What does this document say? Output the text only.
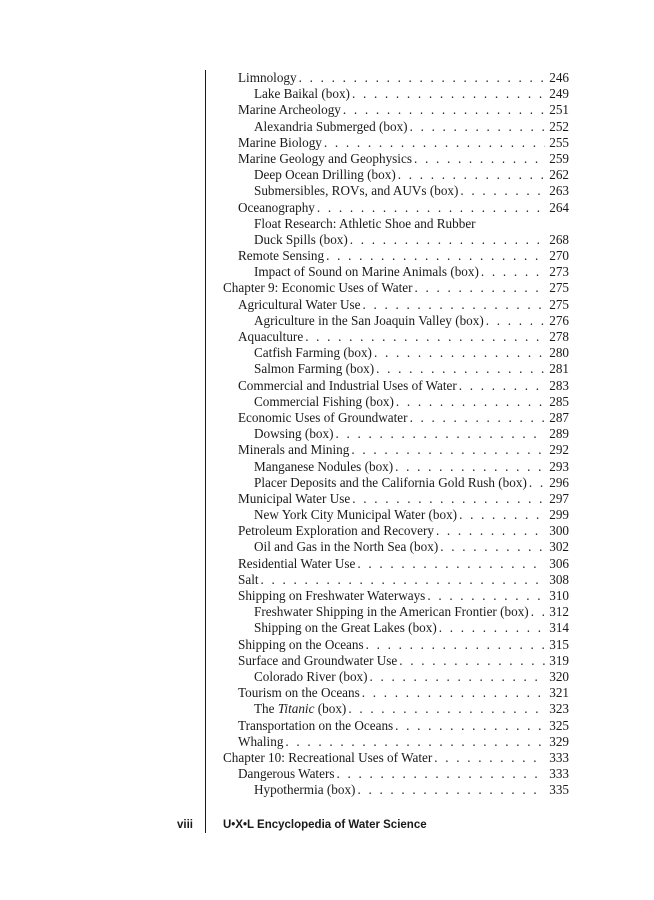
Limnology . . .	246
Lake Baikal (box) . . .	249
Marine Archeology . . .	251
Alexandria Submerged (box) . . .	252
Marine Biology . . .	255
Marine Geology and Geophysics . . .	259
Deep Ocean Drilling (box) . . .	262
Submersibles, ROVs, and AUVs (box) . . .	263
Oceanography . . .	264
Float Research: Athletic Shoe and Rubber
Duck Spills (box) . . .	268
Remote Sensing . . .	270
Impact of Sound on Marine Animals (box) . . .	273
Chapter 9: Economic Uses of Water . . .	275
Agricultural Water Use . . .	275
Agriculture in the San Joaquin Valley (box) . . .	276
Aquaculture . . .	278
Catfish Farming (box) . . .	280
Salmon Farming (box) . . .	281
Commercial and Industrial Uses of Water . . .	283
Commercial Fishing (box) . . .	285
Economic Uses of Groundwater . . .	287
Dowsing (box) . . .	289
Minerals and Mining . . .	292
Manganese Nodules (box) . . .	293
Placer Deposits and the California Gold Rush (box) . . . 296
Municipal Water Use . . .	297
New York City Municipal Water (box) . . .	299
Petroleum Exploration and Recovery . . .	300
Oil and Gas in the North Sea (box) . . .	302
Residential Water Use . . .	306
Salt . . .	308
Shipping on Freshwater Waterways . . .	310
Freshwater Shipping in the American Frontier (box) . . . 312
Shipping on the Great Lakes (box) . . .	314
Shipping on the Oceans . . .	315
Surface and Groundwater Use . . .	319
Colorado River (box) . . .	320
Tourism on the Oceans . . .	321
The Titanic (box) . . .	323
Transportation on the Oceans . . .	325
Whaling . . .	329
Chapter 10: Recreational Uses of Water . . .	333
Dangerous Waters . . .	333
Hypothermia (box) . . .	335
viii	U•X•L Encyclopedia of Water Science
